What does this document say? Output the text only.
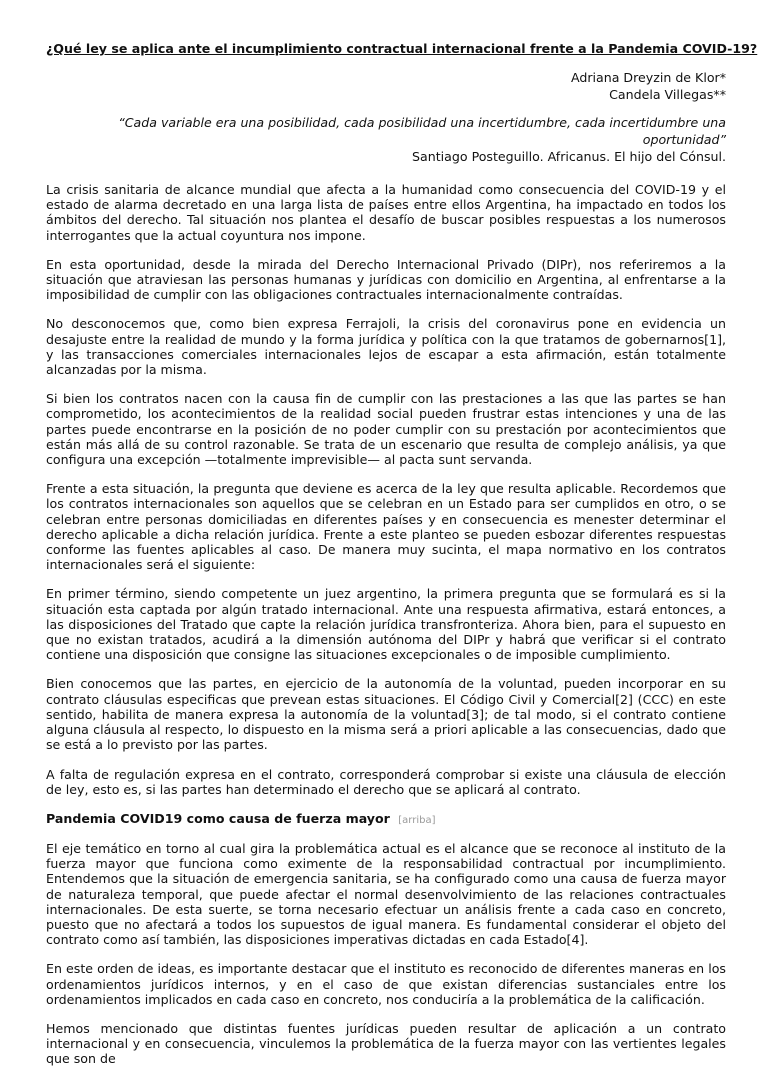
¿Qué ley se aplica ante el incumplimiento contractual internacional frente a la Pandemia COVID-19?
Adriana Dreyzin de Klor*
Candela Villegas**
“Cada variable era una posibilidad, cada posibilidad una incertidumbre, cada incertidumbre una oportunidad”
Santiago Posteguillo. Africanus. El hijo del Cónsul.

La crisis sanitaria de alcance mundial que afecta a la humanidad como consecuencia del COVID-19 y el estado de alarma decretado en una larga lista de países entre ellos Argentina, ha impactado en todos los ámbitos del derecho. Tal situación nos plantea el desafío de buscar posibles respuestas a los numerosos interrogantes que la actual coyuntura nos impone.

En esta oportunidad, desde la mirada del Derecho Internacional Privado (DIPr), nos referiremos a la situación que atraviesan las personas humanas y jurídicas con domicilio en Argentina, al enfrentarse a la imposibilidad de cumplir con las obligaciones contractuales internacionalmente contraídas.

No desconocemos que, como bien expresa Ferrajoli, la crisis del coronavirus pone en evidencia un desajuste entre la realidad de mundo y la forma jurídica y política con la que tratamos de gobernarnos[1], y las transacciones comerciales internacionales lejos de escapar a esta afirmación, están totalmente alcanzadas por la misma.

Si bien los contratos nacen con la causa fin de cumplir con las prestaciones a las que las partes se han comprometido, los acontecimientos de la realidad social pueden frustrar estas intenciones y una de las partes puede encontrarse en la posición de no poder cumplir con su prestación por acontecimientos que están más allá de su control razonable. Se trata de un escenario que resulta de complejo análisis, ya que configura una excepción —totalmente imprevisible— al pacta sunt servanda.

Frente a esta situación, la pregunta que deviene es acerca de la ley que resulta aplicable. Recordemos que los contratos internacionales son aquellos que se celebran en un Estado para ser cumplidos en otro, o se celebran entre personas domiciliadas en diferentes países y en consecuencia es menester determinar el derecho aplicable a dicha relación jurídica. Frente a este planteo se pueden esbozar diferentes respuestas conforme las fuentes aplicables al caso. De manera muy sucinta, el mapa normativo en los contratos internacionales será el siguiente:

En primer término, siendo competente un juez argentino, la primera pregunta que se formulará es si la situación esta captada por algún tratado internacional. Ante una respuesta afirmativa, estará entonces, a las disposiciones del Tratado que capte la relación jurídica transfronteriza. Ahora bien, para el supuesto en que no existan tratados, acudirá a la dimensión autónoma del DIPr y habrá que verificar si el contrato contiene una disposición que consigne las situaciones excepcionales o de imposible cumplimiento.

Bien conocemos que las partes, en ejercicio de la autonomía de la voluntad, pueden incorporar en su contrato cláusulas especificas que prevean estas situaciones. El Código Civil y Comercial[2] (CCC) en este sentido, habilita de manera expresa la autonomía de la voluntad[3]; de tal modo, si el contrato contiene alguna cláusula al respecto, lo dispuesto en la misma será a priori aplicable a las consecuencias, dado que se está a lo previsto por las partes.

A falta de regulación expresa en el contrato, corresponderá comprobar si existe una cláusula de elección de ley, esto es, si las partes han determinado el derecho que se aplicará al contrato.

Pandemia COVID19 como causa de fuerza mayor [arriba]

El eje temático en torno al cual gira la problemática actual es el alcance que se reconoce al instituto de la fuerza mayor que funciona como eximente de la responsabilidad contractual por incumplimiento. Entendemos que la situación de emergencia sanitaria, se ha configurado como una causa de fuerza mayor de naturaleza temporal, que puede afectar el normal desenvolvimiento de las relaciones contractuales internacionales. De esta suerte, se torna necesario efectuar un análisis frente a cada caso en concreto, puesto que no afectará a todos los supuestos de igual manera. Es fundamental considerar el objeto del contrato como así también, las disposiciones imperativas dictadas en cada Estado[4].

En este orden de ideas, es importante destacar que el instituto es reconocido de diferentes maneras en los ordenamientos jurídicos internos, y en el caso de que existan diferencias sustanciales entre los ordenamientos implicados en cada caso en concreto, nos conduciría a la problemática de la calificación.

Hemos mencionado que distintas fuentes jurídicas pueden resultar de aplicación a un contrato internacional y en consecuencia, vinculemos la problemática de la fuerza mayor con las vertientes legales que son de
